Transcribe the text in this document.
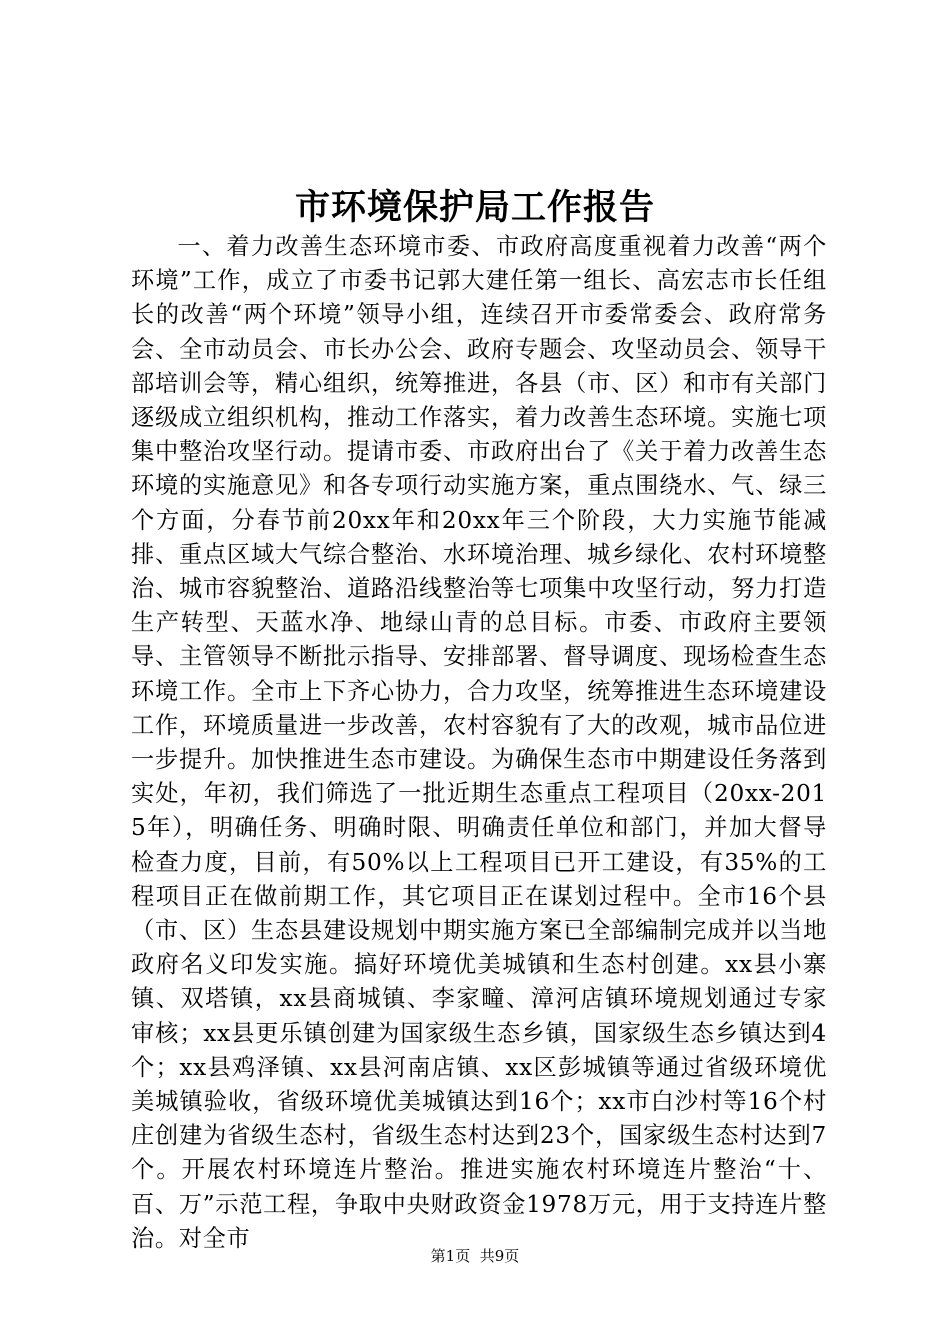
市环境保护局工作报告

一、着力改善生态环境市委、市政府高度重视着力改善“两个环境”工作，成立了市委书记郭大建任第一组长、高宏志市长任组长的改善“两个环境”领导小组，连续召开市委常委会、政府常务会、全市动员会、市长办公会、政府专题会、攻坚动员会、领导干部培训会等，精心组织，统筹推进，各县（市、区）和市有关部门逐级成立组织机构，推动工作落实，着力改善生态环境。实施七项集中整治攻坚行动。提请市委、市政府出台了《关于着力改善生态环境的实施意见》和各专项行动实施方案，重点围绕水、气、绿三个方面，分春节前20xx年和20xx年三个阶段，大力实施节能减排、重点区域大气综合整治、水环境治理、城乡绿化、农村环境整治、城市容貌整治、道路沿线整治等七项集中攻坚行动，努力打造生产转型、天蓝水净、地绿山青的总目标。市委、市政府主要领导、主管领导不断批示指导、安排部署、督导调度、现场检查生态环境工作。全市上下齐心协力，合力攻坚，统筹推进生态环境建设工作，环境质量进一步改善，农村容貌有了大的改观，城市品位进一步提升。加快推进生态市建设。为确保生态市中期建设任务落到实处，年初，我们筛选了一批近期生态重点工程项目（20xx-2015年），明确任务、明确时限、明确责任单位和部门，并加大督导检查力度，目前，有50%以上工程项目已开工建设，有35%的工程项目正在做前期工作，其它项目正在谋划过程中。全市16个县（市、区）生态县建设规划中期实施方案已全部编制完成并以当地政府名义印发实施。搞好环境优美城镇和生态村创建。xx县小寨镇、双塔镇，xx县商城镇、李家疃、漳河店镇环境规划通过专家审核；xx县更乐镇创建为国家级生态乡镇，国家级生态乡镇达到4个；xx县鸡泽镇、xx县河南店镇、xx区彭城镇等通过省级环境优美城镇验收，省级环境优美城镇达到16个；xx市白沙村等16个村庄创建为省级生态村，省级生态村达到23个，国家级生态村达到7个。开展农村环境连片整治。推进实施农村环境连片整治“十、百、万”示范工程，争取中央财政资金1978万元，用于支持连片整治。对全市

第1页 共9页
